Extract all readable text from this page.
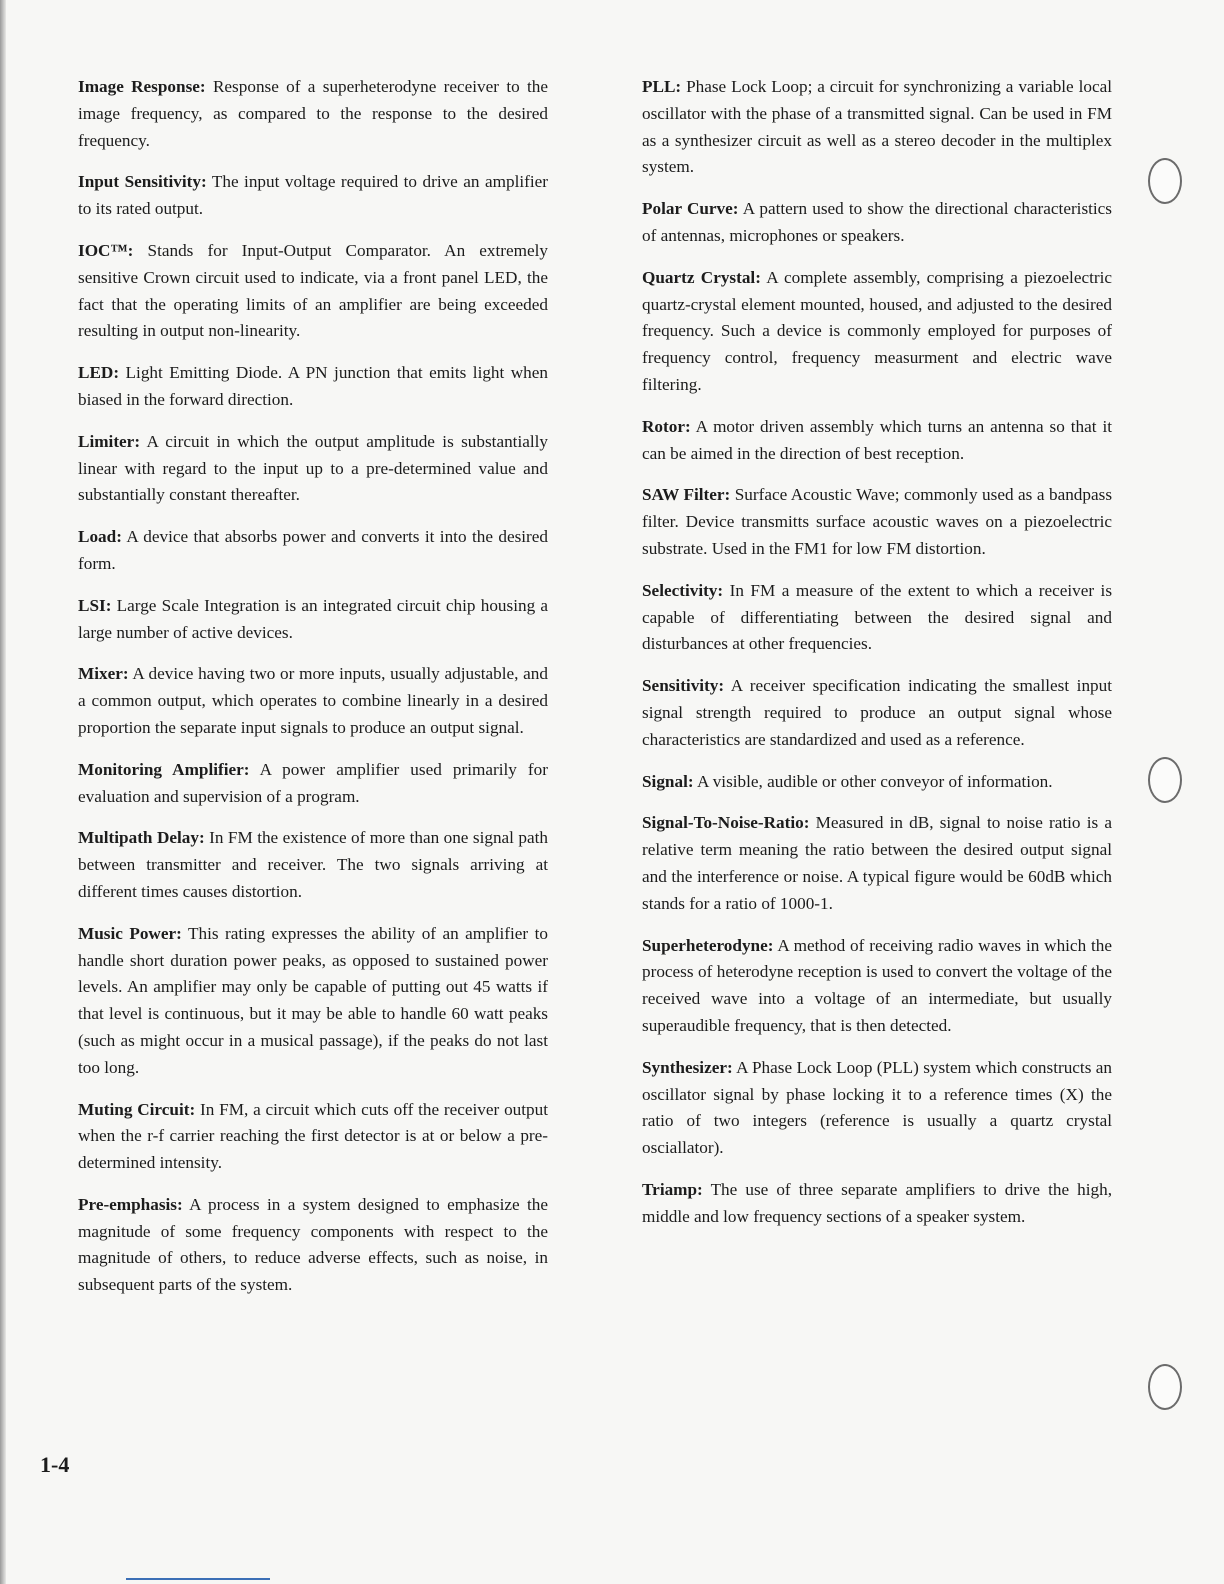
Image Response: Response of a superheterodyne receiver to the image frequency, as compared to the response to the desired frequency.

Input Sensitivity: The input voltage required to drive an amplifier to its rated output.

IOC™: Stands for Input-Output Comparator. An extremely sensitive Crown circuit used to indicate, via a front panel LED, the fact that the operating limits of an amplifier are being exceeded resulting in output non-linearity.

LED: Light Emitting Diode. A PN junction that emits light when biased in the forward direction.

Limiter: A circuit in which the output amplitude is substantially linear with regard to the input up to a pre-determined value and substantially constant thereafter.

Load: A device that absorbs power and converts it into the desired form.

LSI: Large Scale Integration is an integrated circuit chip housing a large number of active devices.

Mixer: A device having two or more inputs, usually adjustable, and a common output, which operates to combine linearly in a desired proportion the separate input signals to produce an output signal.

Monitoring Amplifier: A power amplifier used primarily for evaluation and supervision of a program.

Multipath Delay: In FM the existence of more than one signal path between transmitter and receiver. The two signals arriving at different times causes distortion.

Music Power: This rating expresses the ability of an amplifier to handle short duration power peaks, as opposed to sustained power levels. An amplifier may only be capable of putting out 45 watts if that level is continuous, but it may be able to handle 60 watt peaks (such as might occur in a musical passage), if the peaks do not last too long.

Muting Circuit: In FM, a circuit which cuts off the receiver output when the r-f carrier reaching the first detector is at or below a pre-determined intensity.

Pre-emphasis: A process in a system designed to emphasize the magnitude of some frequency components with respect to the magnitude of others, to reduce adverse effects, such as noise, in subsequent parts of the system.

PLL: Phase Lock Loop; a circuit for synchronizing a variable local oscillator with the phase of a transmitted signal. Can be used in FM as a synthesizer circuit as well as a stereo decoder in the multiplex system.

Polar Curve: A pattern used to show the directional characteristics of antennas, microphones or speakers.

Quartz Crystal: A complete assembly, comprising a piezoelectric quartz-crystal element mounted, housed, and adjusted to the desired frequency. Such a device is commonly employed for purposes of frequency control, frequency measurment and electric wave filtering.

Rotor: A motor driven assembly which turns an antenna so that it can be aimed in the direction of best reception.

SAW Filter: Surface Acoustic Wave; commonly used as a bandpass filter. Device transmitts surface acoustic waves on a piezoelectric substrate. Used in the FM1 for low FM distortion.

Selectivity: In FM a measure of the extent to which a receiver is capable of differentiating between the desired signal and disturbances at other frequencies.

Sensitivity: A receiver specification indicating the smallest input signal strength required to produce an output signal whose characteristics are standardized and used as a reference.

Signal: A visible, audible or other conveyor of information.

Signal-To-Noise-Ratio: Measured in dB, signal to noise ratio is a relative term meaning the ratio between the desired output signal and the interference or noise. A typical figure would be 60dB which stands for a ratio of 1000-1.

Superheterodyne: A method of receiving radio waves in which the process of heterodyne reception is used to convert the voltage of the received wave into a voltage of an intermediate, but usually superaudible frequency, that is then detected.

Synthesizer: A Phase Lock Loop (PLL) system which constructs an oscillator signal by phase locking it to a reference times (X) the ratio of two integers (reference is usually a quartz crystal osciallator).

Triamp: The use of three separate amplifiers to drive the high, middle and low frequency sections of a speaker system.

1-4
